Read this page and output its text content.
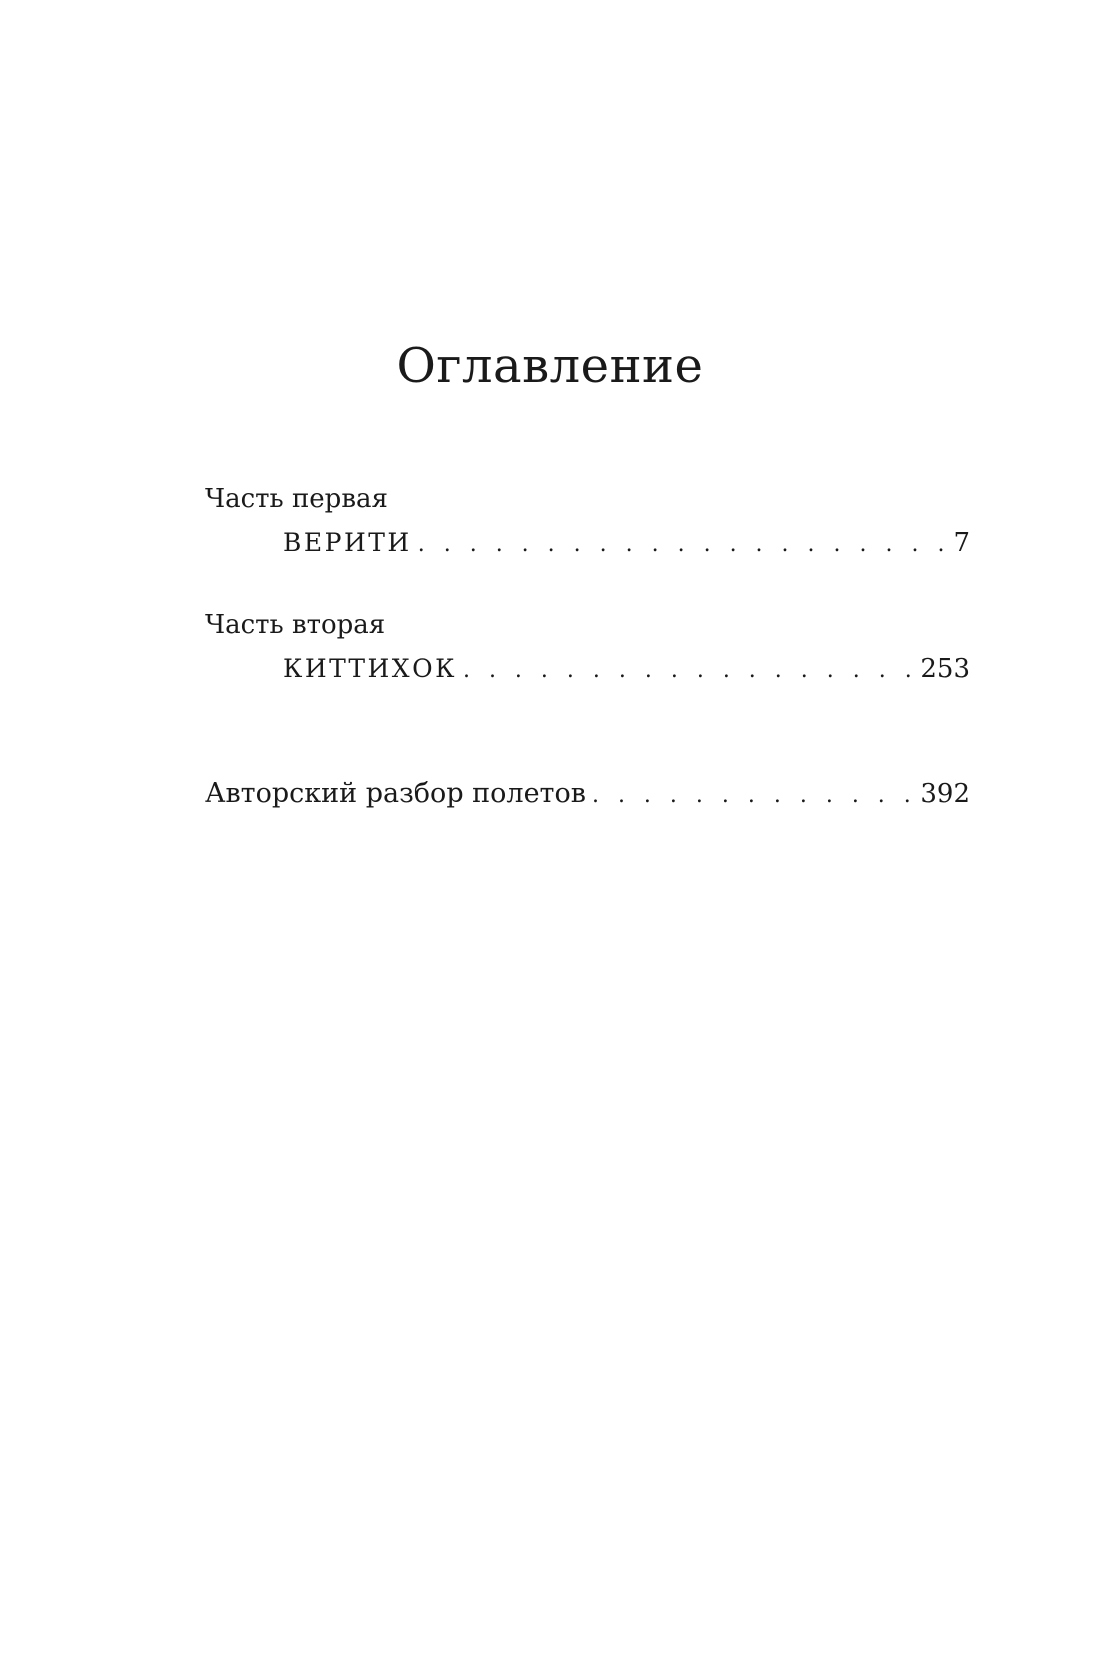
Оглавление
Часть первая
ВЕРИТИ . . .	7
Часть вторая
КИТТИХОК . . .	253
Авторский разбор полетов . . .	392
